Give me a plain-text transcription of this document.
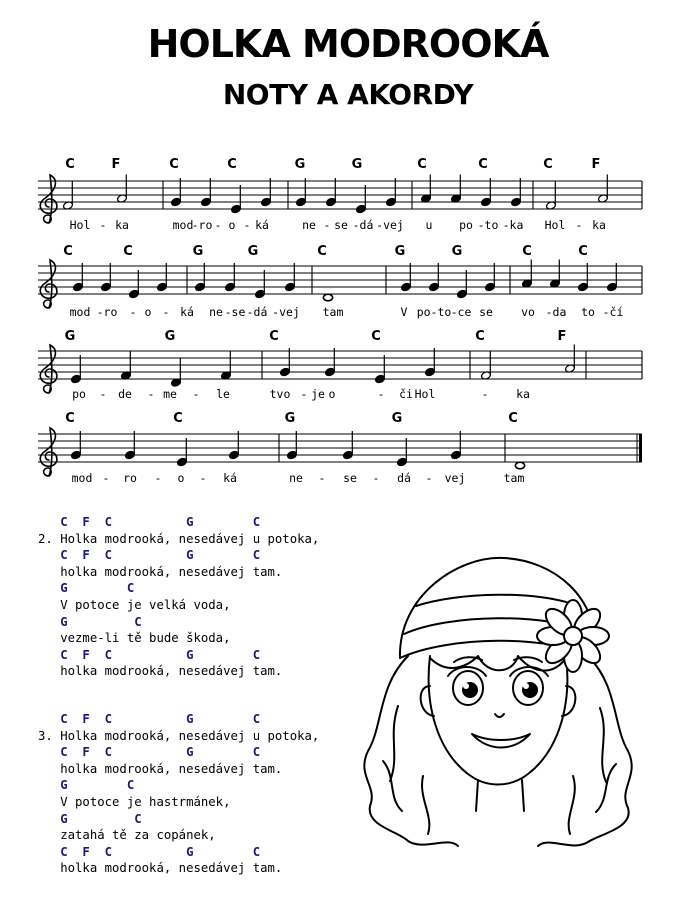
HOLKA MODROOKÁ
NOTY A AKORDY
C	F	C	C	G	G	C	C	C	F
Hol - ka	mod
-ro - o - ká	ne - se -dá -vej u po -to -ka Hol - ka
C	C	G	G	C	G	G	C	C
mod -ro - o - ká ne -se -dá -vej tam	V po-to -ce se vo -da to -čí
G	G	C	C	C	F
po - de - me - le	tvo - je o	- či Hol	- ka
C	C	G	G	C
mod - ro - o - ká	ne - se - dá - vej	tam
C  F  C          G        C
2. Holka modrooká, nesedávej u potoka,
C  F  C          G        C
holka modrooká, nesedávej tam.
G        C
V potoce je velká voda,
G         C
vezme-li tě bude škoda,
C  F  C          G        C
holka modrooká, nesedávej tam.
C  F  C          G        C
3. Holka modrooká, nesedávej u potoka,
C  F  C          G        C
holka modrooká, nesedávej tam.
G        C
V potoce je hastrmánek,
G         C
zatahá tě za copánek,
C  F  C          G        C
holka modrooká, nesedávej tam.
